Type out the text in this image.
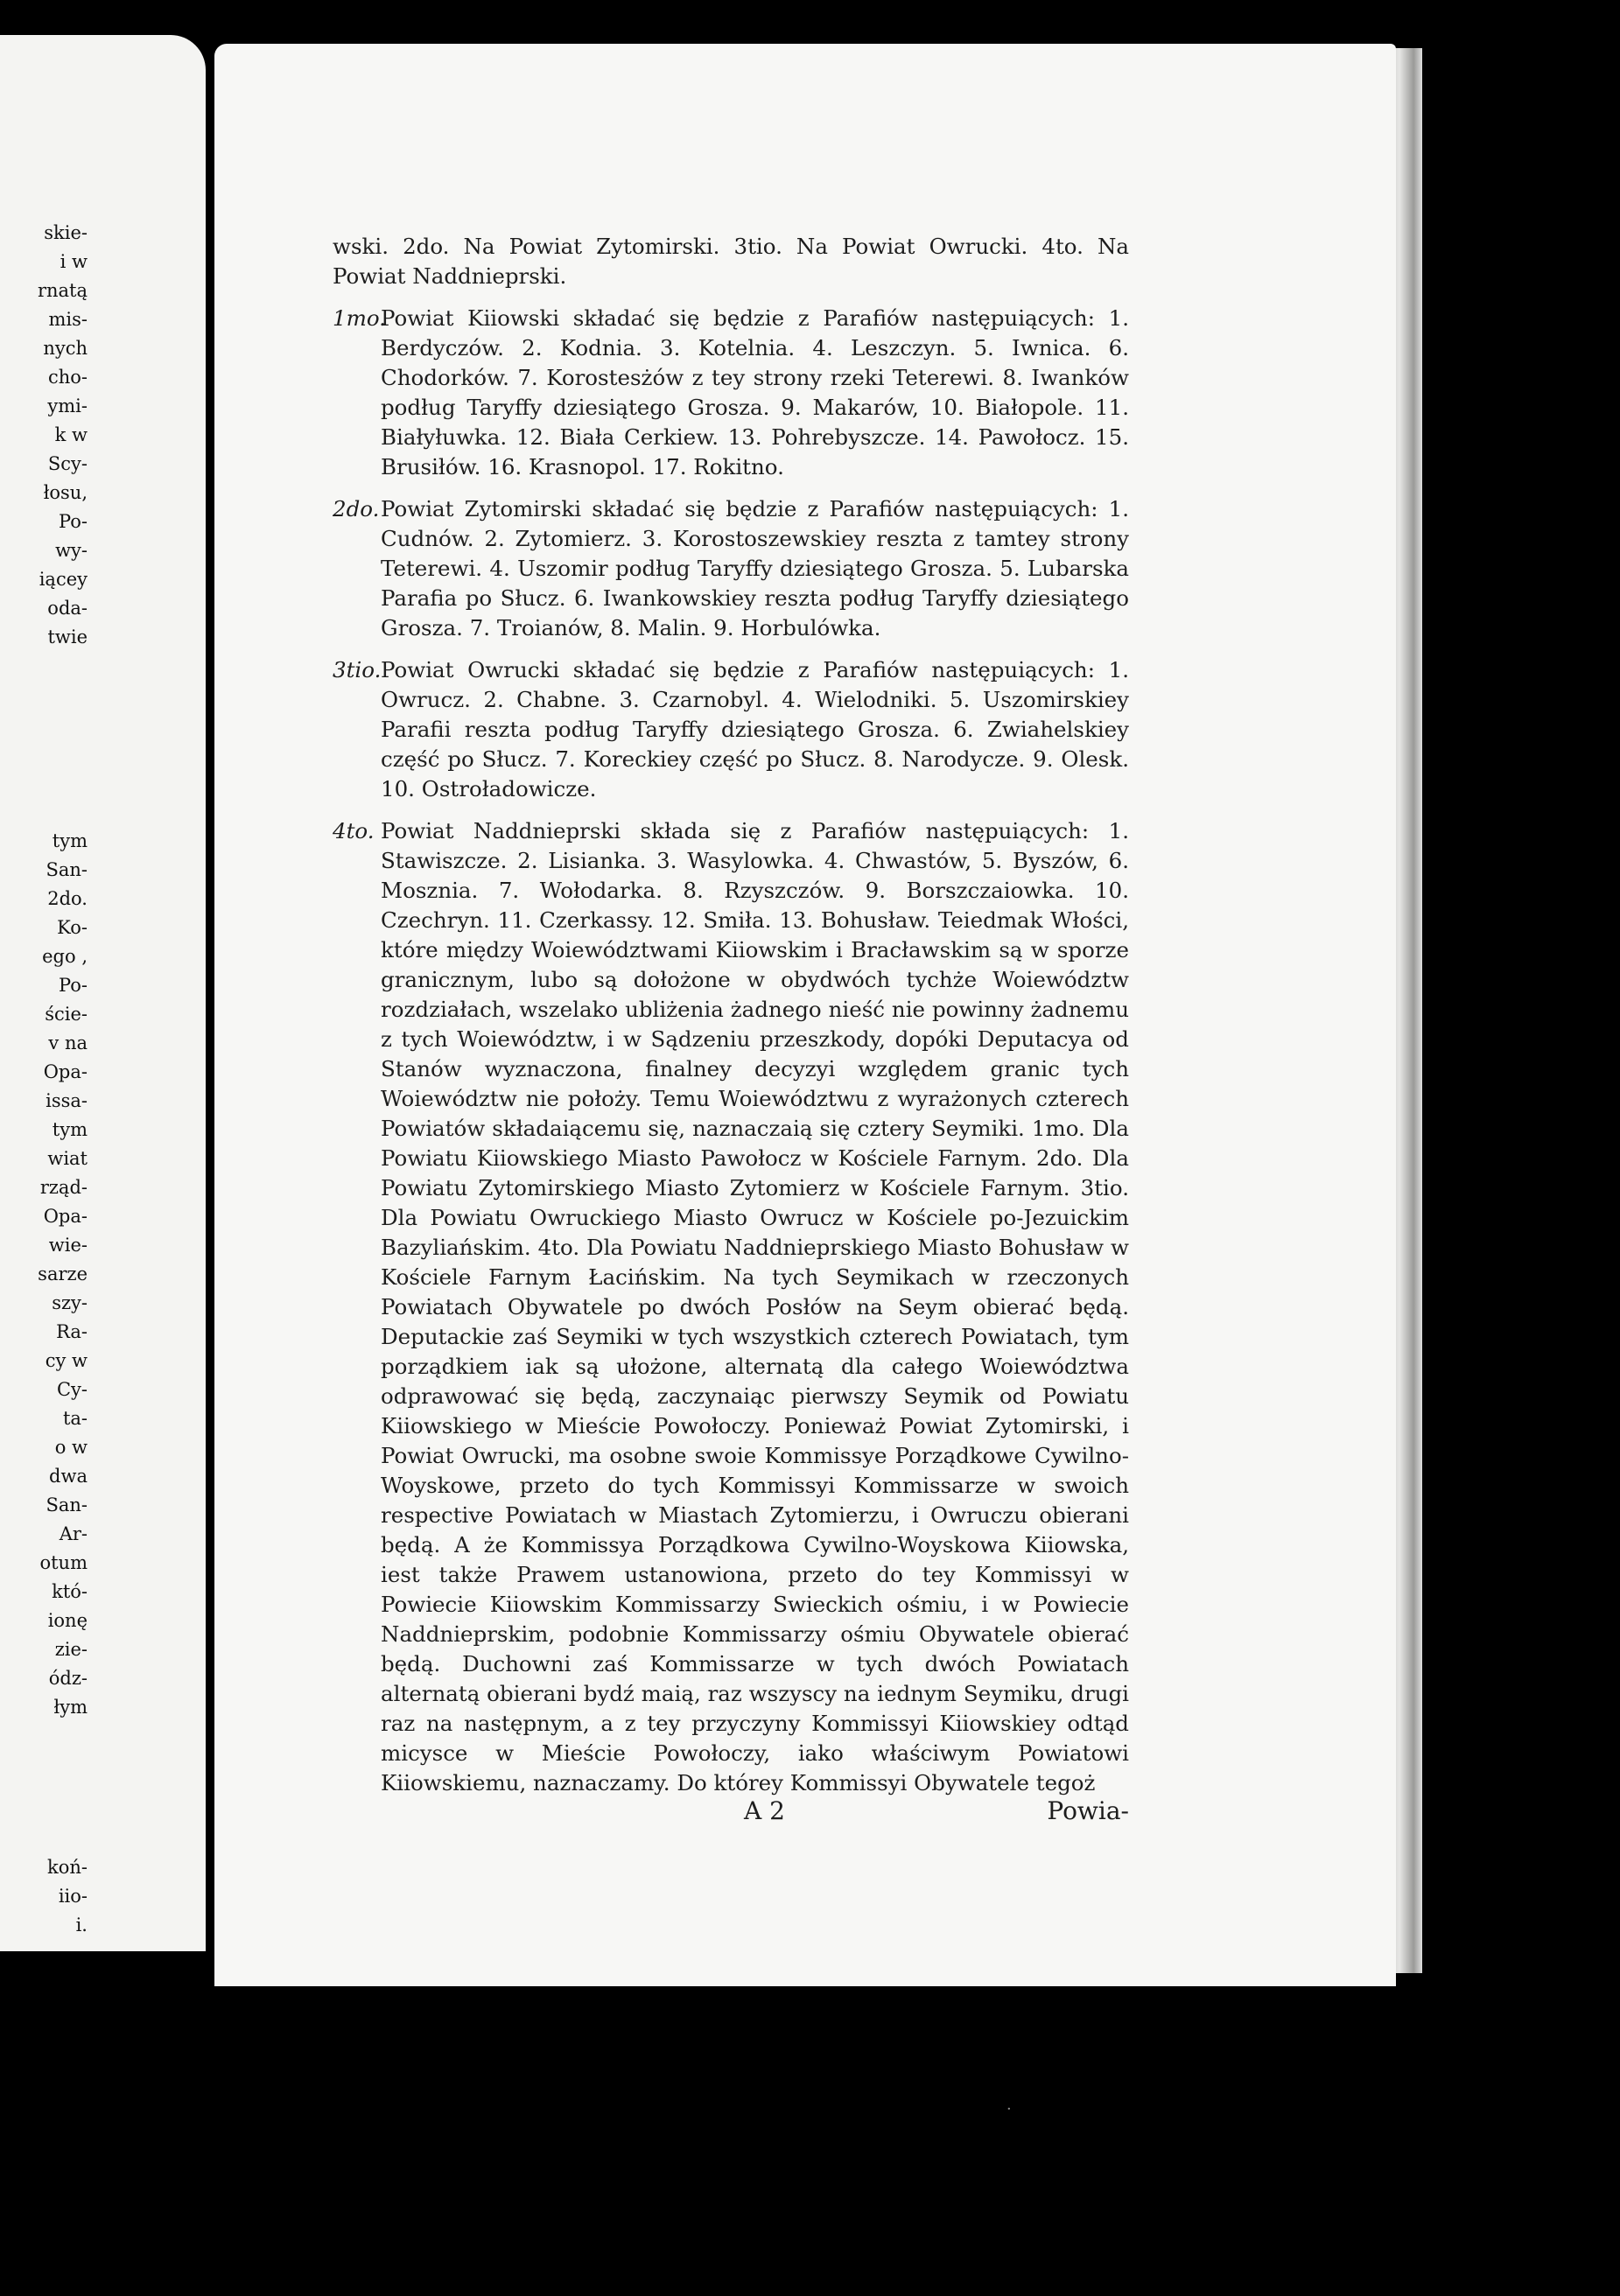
skie-
i w
rnatą
mis-
nych
cho-
ymi-
k w
Scy-
łosu,
Po-
wy-
iącey
oda-
twie
tym
San-
2do.
Ko-
ego ,
Po-
ście-
v na
Opa-
issa-
tym
wiat
rząd-
Opa-
wie-
sarze
szy-
Ra-
cy w
Cy-
ta-
o w
dwa
San-
Ar-
otum
któ-
ionę
zie-
ódz-
łym
koń-
iio-
i.

wski. 2do. Na Powiat Zytomirski. 3tio. Na Powiat Owrucki. 4to. Na Powiat Naddnieprski.

1mo.

Powiat Kiiowski składać się będzie z Parafiów następuiących: 1. Berdyczów. 2. Kodnia. 3. Kotelnia. 4. Leszczyn. 5. Iwnica. 6. Chodorków. 7. Korostesżów z tey strony rzeki Teterewi. 8. Iwanków podług Taryffy dziesiątego Grosza. 9. Makarów, 10. Białopole. 11. Białyłuwka. 12. Biała Cerkiew. 13. Pohrebyszcze. 14. Pawołocz. 15. Brusiłów. 16. Krasnopol. 17. Rokitno.

2do. Powiat Zytomirski składać się będzie z Parafiów następuiących: 1. Cudnów. 2. Zytomierz. 3. Korostoszewskiey reszta z tamtey strony Teterewi. 4. Uszomir podług Taryffy dziesiątego Grosza. 5. Lubarska Parafia po Słucz. 6. Iwankowskiey reszta podług Taryffy dziesiątego Grosza. 7. Troianów, 8. Malin. 9. Horbulówka.

3tio. Powiat Owrucki składać się będzie z Parafiów następuiących: 1. Owrucz. 2. Chabne. 3. Czarnobyl. 4. Wielodniki. 5. Uszomirskiey Parafii reszta podług Taryffy dziesiątego Grosza. 6. Zwiahelskiey część po Słucz. 7. Koreckiey część po Słucz. 8. Narodycze. 9. Olesk. 10. Ostroładowicze.

4to. Powiat Naddnieprski składa się z Parafiów następuiących: 1. Stawiszcze. 2. Lisianka. 3. Wasylowka. 4. Chwastów, 5. Byszów, 6. Mosznia. 7. Wołodarka. 8. Rzyszczów. 9. Borszczaiowka. 10. Czechryn. 11. Czerkassy. 12. Smiła. 13. Bohusław. Teiedmak Włości, które między Woiewództwami Kiiowskim i Bracławskim są w sporze granicznym, lubo są dołożone w obydwóch tychże Woiewództw rozdziałach, wszelako ubliżenia żadnego nieść nie powinny żadnemu z tych Woiewództw, i w Sądzeniu przeszkody, dopóki Deputacya od Stanów wyznaczona, finalney decyzyi względem granic tych Woiewództw nie położy. Temu Woiewództwu z wyrażonych czterech Powiatów składaiącemu się, naznaczaią się cztery Seymiki. 1mo. Dla Powiatu Kiiowskiego Miasto Pawołocz w Kościele Farnym. 2do. Dla Powiatu Zytomirskiego Miasto Zytomierz w Kościele Farnym. 3tio. Dla Powiatu Owruckiego Miasto Owrucz w Kościele po-Jezuickim Bazyliańskim. 4to. Dla Powiatu Naddnieprskiego Miasto Bohusław w Kościele Farnym Łacińskim. Na tych Seymikach w rzeczonych Powiatach Obywatele po dwóch Posłów na Seym obierać będą. Deputackie zaś Seymiki w tych wszystkich czterech Powiatach, tym porządkiem iak są ułożone, alternatą dla całego Woiewództwa odprawować się będą, zaczynaiąc pierwszy Seymik od Powiatu Kiiowskiego w Mieście Powołoczy. Ponieważ Powiat Zytomirski, i Powiat Owrucki, ma osobne swoie Kommissye Porządkowe Cywilno-Woyskowe, przeto do tych Kommissyi Kommissarze w swoich respective Powiatach w Miastach Zytomierzu, i Owruczu obierani będą. A że Kommissya Porządkowa Cywilno-Woyskowa Kiiowska, iest także Prawem ustanowiona, przeto do tey Kommissyi w Powiecie Kiiowskim Kommissarzy Swieckich ośmiu, i w Powiecie Naddnieprskim, podobnie Kommissarzy ośmiu Obywatele obierać będą. Duchowni zaś Kommissarze w tych dwóch Powiatach alternatą obierani bydź maią, raz wszyscy na iednym Seymiku, drugi raz na następnym, a z tey przyczyny Kommissyi Kiiowskiey odtąd micysce w Mieście Powołoczy, iako właściwym Powiatowi Kiiowskiemu, naznaczamy. Do którey Kommissyi Obywatele tegoż

A 2	Powia-
·
